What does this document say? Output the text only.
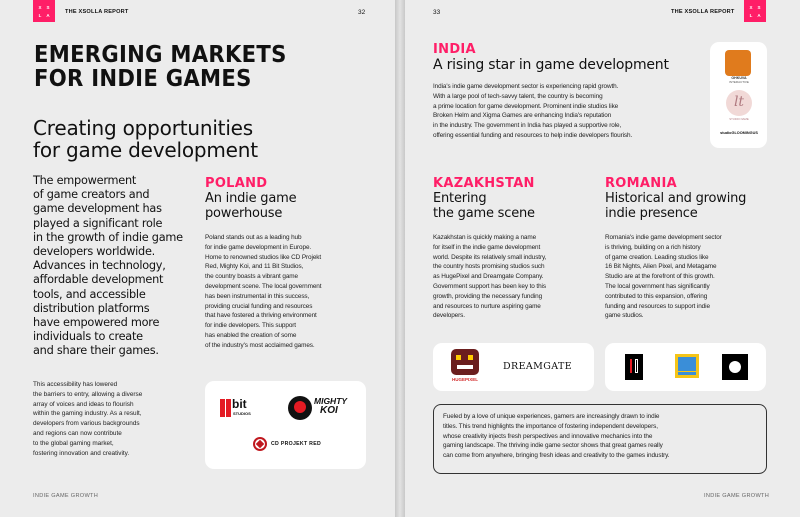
X S
L A	THE XSOLLA REPORT	32
EMERGING MARKETS
FOR INDIE GAMES
Creating opportunities
for game development
The empowerment
of game creators and
game development has
played a significant role
in the growth of indie game
developers worldwide.
Advances in technology,
affordable development
tools, and accessible
distribution platforms
have empowered more
individuals to create
and share their games.
This accessibility has lowered
the barriers to entry, allowing a diverse
array of voices and ideas to flourish
within the gaming industry. As a result,
developers from various backgrounds
and regions can now contribute
to the global gaming market,
fostering innovation and creativity.
POLAND
An indie game
powerhouse
Poland stands out as a leading hub
for indie game development in Europe.
Home to renowned studios like CD Projekt
Red, Mighty Koi, and 11 Bit Studios,
the country boasts a vibrant game
development scene. The local government
has been instrumental in this success,
providing crucial funding and resources
that have fostered a thriving environment
for indie developers. This support
has enabled the creation of some
of the industry's most acclaimed games.
bit
STUDIOS
MIGHTY
KOI
CD PROJEKT RED
INDIE GAME GROWTH
33	THE XSOLLA REPORT
X S
L A
INDIA
A rising star in game development
India's indie game development sector is experiencing rapid growth.
With a large pool of tech-savvy talent, the country is becoming
a prime location for game development. Prominent indie studios like
Broken Helm and Xigma Games are enhancing India's reputation
in the industry. The government in India has played a supportive role,
offering essential funding and resources to help indie developers flourish.
OHKUVA
INTERACTIVE
lt
STUDIO NAME
studioGLOOMINGUS
KAZAKHSTAN
Entering
the game scene
Kazakhstan is quickly making a name
for itself in the indie game development
world. Despite its relatively small industry,
the country hosts promising studios such
as HugePixel and Dreamgate Company.
Government support has been key to this
growth, providing the necessary funding
and resources to nurture aspiring game
developers.
ROMANIA
Historical and growing
indie presence
Romania's indie game development sector
is thriving, building on a rich history
of game creation. Leading studios like
16 Bit Nights, Alien Pixel, and Metagame
Studio are at the forefront of this growth.
The local government has significantly
contributed to this expansion, offering
funding and resources to support indie
game studios.
HUGEPIXEL
DREAMGATE
Fueled by a love of unique experiences, gamers are increasingly drawn to indie
titles. This trend highlights the importance of fostering independent developers,
whose creativity injects fresh perspectives and innovative mechanics into the
gaming landscape. The thriving indie game sector shows that great games really
can come from anywhere, bringing fresh ideas and creativity to the games industry.
INDIE GAME GROWTH
